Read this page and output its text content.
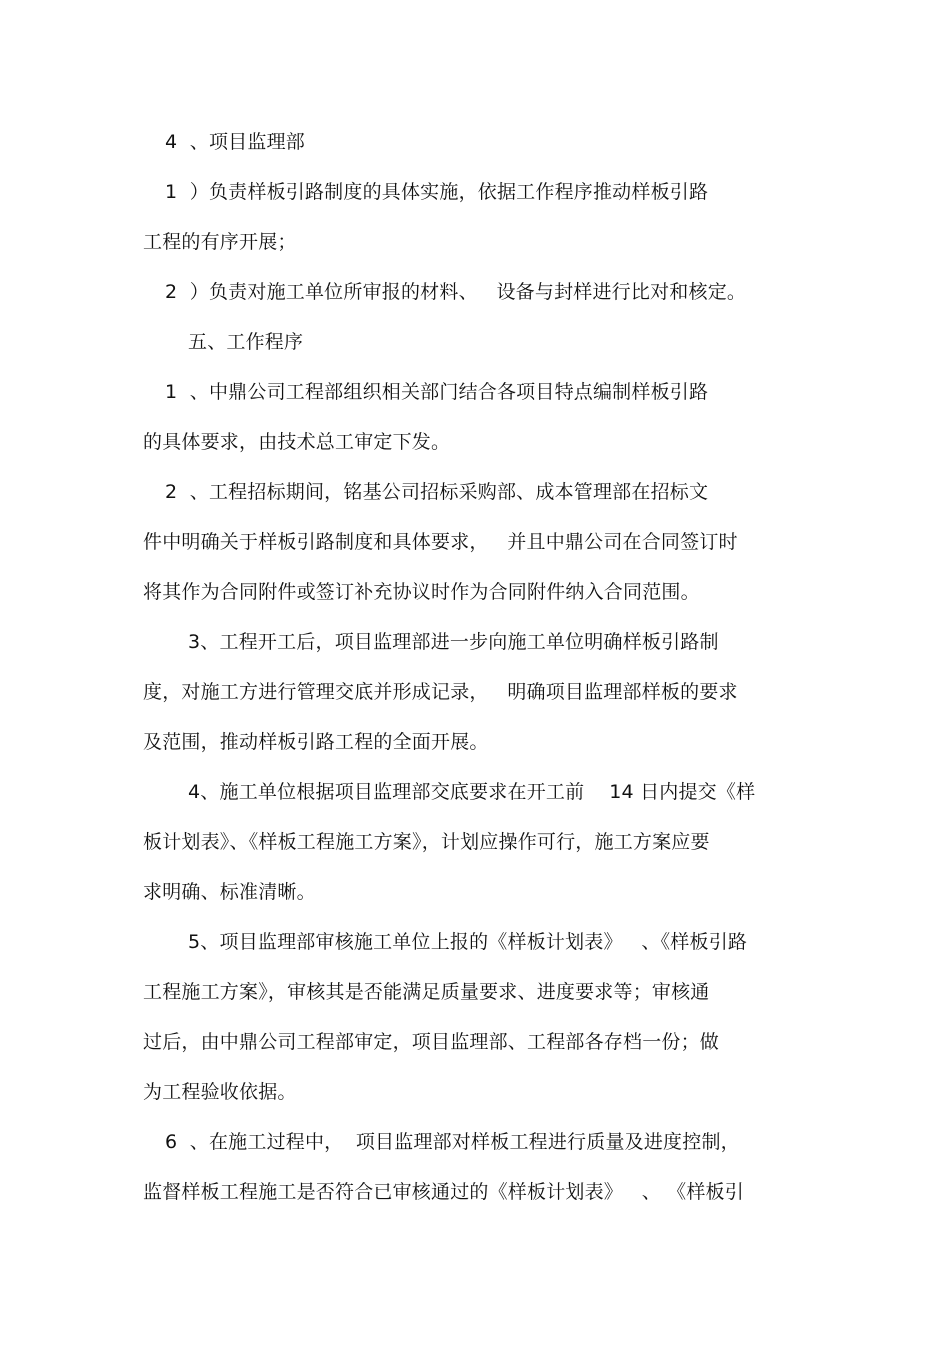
4  、项目监理部
1  ）负责样板引路制度的具体实施，依据工作程序推动样板引路
工程的有序开展；
2  ）负责对施工单位所审报的材料、   设备与封样进行比对和核定。
五、工作程序
1  、中鼎公司工程部组织相关部门结合各项目特点编制样板引路
的具体要求，由技术总工审定下发。
2  、工程招标期间，铭基公司招标采购部、成本管理部在招标文
件中明确关于样板引路制度和具体要求，   并且中鼎公司在合同签订时
将其作为合同附件或签订补充协议时作为合同附件纳入合同范围。
3、工程开工后，项目监理部进一步向施工单位明确样板引路制
度，对施工方进行管理交底并形成记录，   明确项目监理部样板的要求
及范围，推动样板引路工程的全面开展。
4、施工单位根据项目监理部交底要求在开工前    14 日内提交《样
板计划表》、《样板工程施工方案》，计划应操作可行，施工方案应要
求明确、标准清晰。
5、项目监理部审核施工单位上报的《样板计划表》   、《样板引路
工程施工方案》，审核其是否能满足质量要求、进度要求等；审核通
过后，由中鼎公司工程部审定，项目监理部、工程部各存档一份；做
为工程验收依据。
6  、在施工过程中，  项目监理部对样板工程进行质量及进度控制，
监督样板工程施工是否符合已审核通过的《样板计划表》   、 《样板引
